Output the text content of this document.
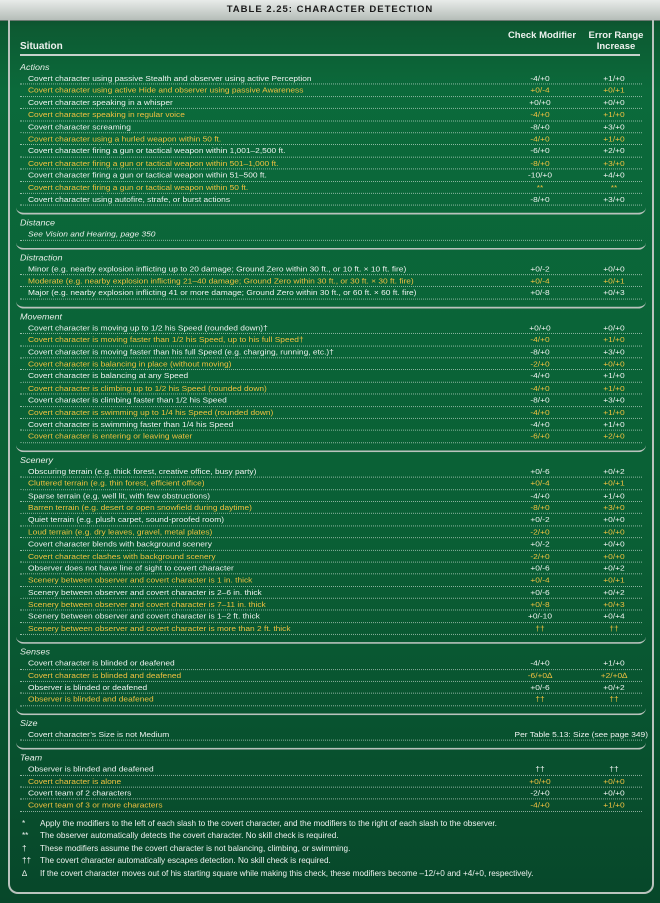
TABLE 2.25: CHARACTER DETECTION
Situation
Check Modifier	Error Range Increase
Actions
Covert character using passive Stealth and observer using active Perception	-4/+0	+1/+0
Covert character using active Hide and observer using passive Awareness	+0/-4	+0/+1
Covert character speaking in a whisper	+0/+0	+0/+0
Covert character speaking in regular voice	-4/+0	+1/+0
Covert character screaming	-8/+0	+3/+0
Covert character using a hurled weapon within 50 ft.	-4/+0	+1/+0
Covert character firing a gun or tactical weapon within 1,001–2,500 ft.	-6/+0	+2/+0
Covert character firing a gun or tactical weapon within 501–1,000 ft.	-8/+0	+3/+0
Covert character firing a gun or tactical weapon within 51–500 ft.	-10/+0	+4/+0
Covert character firing a gun or tactical weapon within 50 ft.	**	**
Covert character using autofire, strafe, or burst actions	-8/+0	+3/+0
Distance
See Vision and Hearing, page 350
Distraction
Minor (e.g. nearby explosion inflicting up to 20 damage; Ground Zero within 30 ft., or 10 ft. × 10 ft. fire)	+0/-2	+0/+0
Moderate (e.g. nearby explosion inflicting 21–40 damage; Ground Zero within 30 ft., or 30 ft. × 30 ft. fire)	+0/-4	+0/+1
Major (e.g. nearby explosion inflicting 41 or more damage; Ground Zero within 30 ft., or 60 ft. × 60 ft. fire)	+0/-8	+0/+3
Movement
Covert character is moving up to 1/2 his Speed (rounded down)†	+0/+0	+0/+0
Covert character is moving faster than 1/2 his Speed, up to his full Speed†	-4/+0	+1/+0
Covert character is moving faster than his full Speed (e.g. charging, running, etc.)†	-8/+0	+3/+0
Covert character is balancing in place (without moving)	-2/+0	+0/+0
Covert character is balancing at any Speed	-4/+0	+1/+0
Covert character is climbing up to 1/2 his Speed (rounded down)	-4/+0	+1/+0
Covert character is climbing faster than 1/2 his Speed	-8/+0	+3/+0
Covert character is swimming up to 1/4 his Speed (rounded down)	-4/+0	+1/+0
Covert character is swimming faster than 1/4 his Speed	-4/+0	+1/+0
Covert character is entering or leaving water	-6/+0	+2/+0
Scenery
Obscuring terrain (e.g. thick forest, creative office, busy party)	+0/-6	+0/+2
Cluttered terrain (e.g. thin forest, efficient office)	+0/-4	+0/+1
Sparse terrain (e.g. well lit, with few obstructions)	-4/+0	+1/+0
Barren terrain (e.g. desert or open snowfield during daytime)	-8/+0	+3/+0
Quiet terrain (e.g. plush carpet, sound-proofed room)	+0/-2	+0/+0
Loud terrain (e.g. dry leaves, gravel, metal plates)	-2/+0	+0/+0
Covert character blends with background scenery	+0/-2	+0/+0
Covert character clashes with background scenery	-2/+0	+0/+0
Observer does not have line of sight to covert character	+0/-6	+0/+2
Scenery between observer and covert character is 1 in. thick	+0/-4	+0/+1
Scenery between observer and covert character is 2–6 in. thick	+0/-6	+0/+2
Scenery between observer and covert character is 7–11 in. thick	+0/-8	+0/+3
Scenery between observer and covert character is 1–2 ft. thick	+0/-10	+0/+4
Scenery between observer and covert character is more than 2 ft. thick	††	††
Senses
Covert character is blinded or deafened	-4/+0	+1/+0
Covert character is blinded and deafened	-6/+0∆	+2/+0∆
Observer is blinded or deafened	+0/-6	+0/+2
Observer is blinded and deafened	††	††
Size
Covert character’s Size is not Medium	Per Table 5.13: Size (see page 349)
Team
Observer is blinded and deafened	††	††
Covert character is alone	+0/+0	+0/+0
Covert team of 2 characters	-2/+0	+0/+0
Covert team of 3 or more characters	-4/+0	+1/+0
*	Apply the modifiers to the left of each slash to the covert character, and the modifiers to the right of each slash to the observer.
**	The observer automatically detects the covert character. No skill check is required.
†	These modifiers assume the covert character is not balancing, climbing, or swimming.
††	The covert character automatically escapes detection. No skill check is required.
∆	If the covert character moves out of his starting square while making this check, these modifiers become –12/+0 and +4/+0, respectively.
